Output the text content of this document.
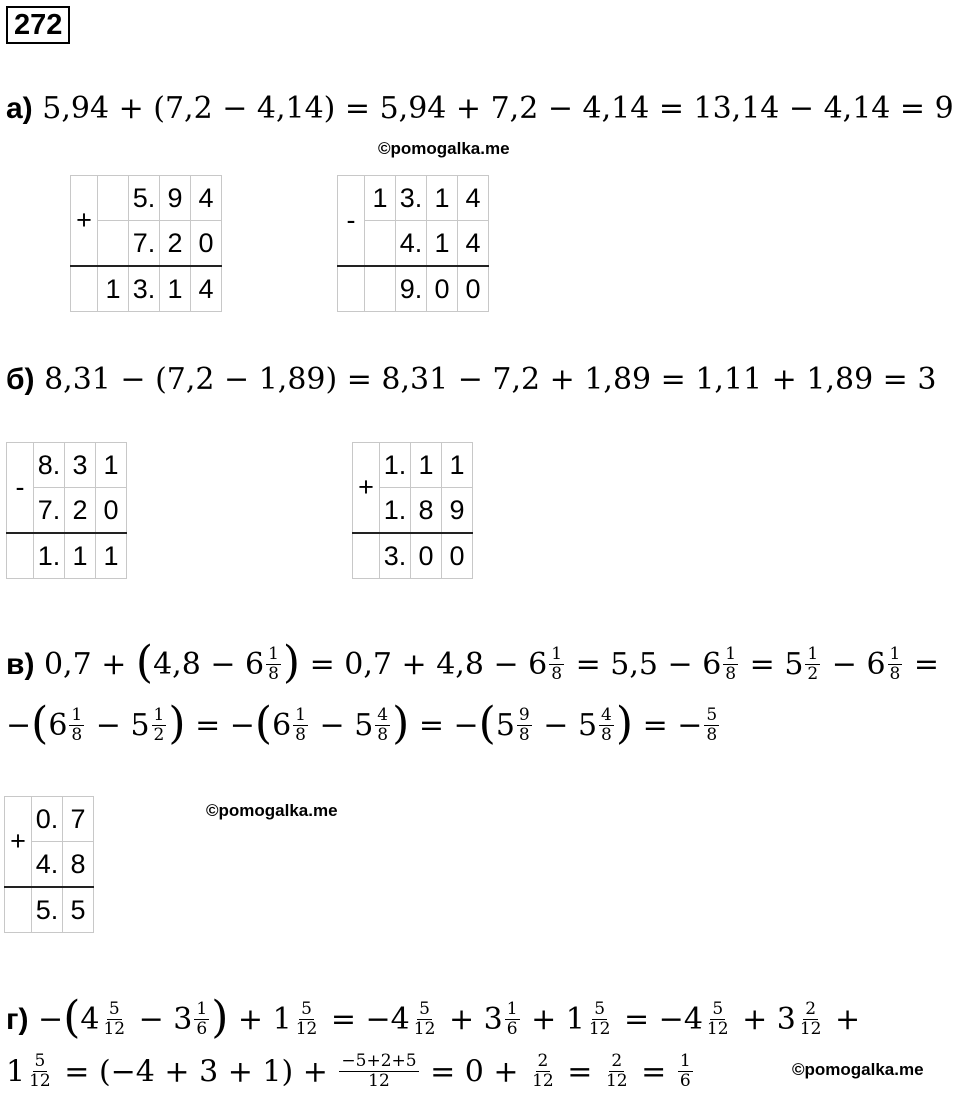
272
а) 5,94 + (7,2 − 4,14) = 5,94 + 7,2 − 4,14 = 13,14 − 4,14 = 9
©pomogalka.me
+		5.	9	4
		7.	2	0
	1	3.	1	4
-	1	3.	1	4
		4.	1	4
		9.	0	0
б) 8,31 − (7,2 − 1,89) = 8,31 − 7,2 + 1,89 = 1,11 + 1,89 = 3
-	8.	3	1
	7.	2	0
	1.	1	1
+	1.	1	1
	1.	8	9
	3.	0	0
в) $0,7 + (4,8 - 6 \frac{1}{8}$ ) = $0,7 + 4,8 - 6 \frac{1}{8} = 5,5 - 6 \frac{1}{8} = 5 \frac{1}{2} - 6 \frac{1}{8}$ =
$-(6 \frac{1}{8} - 5 \frac{1}{2}$ ) = $-(6 \frac{1}{8} - 5 \frac{4}{8}$ ) = $-(5 \frac{9}{8} - 5 \frac{4}{8}$ ) = − $\frac{5}{8}$
+	0.	7
	4.	8
	5.	5
©pomogalka.me
$г) -(4 \frac{5}{12} - 3 \frac{1}{6}$ ) + $1 \frac{5}{12} = -4 \frac{5}{12} + 3 \frac{1}{6} + 1 \frac{5}{12} = -4 \frac{5}{12} + 3 \frac{2}{12}$ +
$1 \frac{5}{12} = (-4 + 3 + 1) + \frac{-5+2+5}{12} = 0 + \frac{2}{12} = \frac{2}{12} = \frac{1}{6}$	©pomogalka.me
